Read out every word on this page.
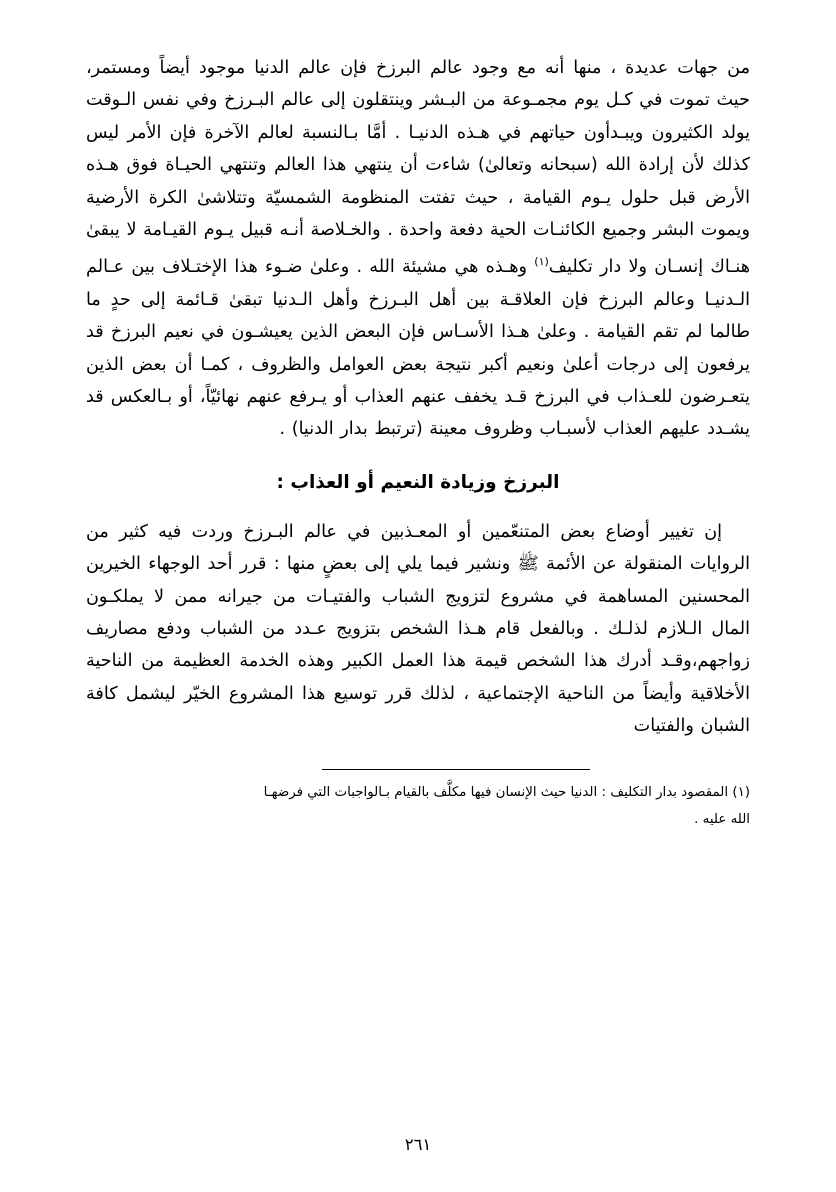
من جهات عديدة ، منها أنه مع وجود عالم البرزخ فإن عالم الدنيا موجود أيضاً ومستمر، حيث تموت في كـل يوم مجمـوعة من البـشر وينتقلون إلى عالم البـرزخ وفي نفس الـوقت يولد الكثيرون ويبـدأون حياتهم في هـذه الدنيـا . أمَّا بـالنسبة لعالم الآخرة فإن الأمر ليس كذلك لأن إرادة الله (سبحانه وتعالىٰ) شاءت أن ينتهي هذا العالم وتنتهي الحيـاة فوق هـذه الأرض قبل حلول يـوم القيامة ، حيث تفتت المنظومة الشمسيّة وتتلاشىٰ الكرة الأرضية ويموت البشر وجميع الكائنـات الحية دفعة واحدة . والخـلاصة أنـه قبيل يـوم القيـامة لا يبقىٰ هنـاك إنسـان ولا دار تكليف$^{(١)}$ وهـذه هي مشيئة الله . وعلىٰ ضـوء هذا الإختـلاف بين عـالم الـدنيـا وعالم البرزخ فإن العلاقـة بين أهل البـرزخ وأهل الـدنيا تبقىٰ قـائمة إلى حدٍ ما طالما لم تقم القيامة . وعلىٰ هـذا الأسـاس فإن البعض الذين يعيشـون في نعيم البرزخ قد يرفعون إلى درجات أعلىٰ ونعيم أكبر نتيجة بعض العوامل والظروف ، كمـا أن بعض الذين يتعـرضون للعـذاب في البرزخ قـد يخفف عنهم العذاب أو يـرفع عنهم نهائيّاً، أو بـالعكس قد يشـدد عليهم العذاب لأسبـاب وظروف معينة (ترتبط بدار الدنيا) .

البرزخ وزيادة النعيم أو العذاب :

إن تغيير أوضاع بعض المتنعّمين أو المعـذبين في عالم البـرزخ وردت فيه كثير من الروايات المنقولة عن الأئمة ‏ﷺ ونشير فيما يلي إلى بعضٍ منها : قرر أحد الوجهاء الخيرين المحسنين المساهمة في مشروع لتزويج الشباب والفتيـات من جيرانه ممن لا يملكـون المال الـلازم لذلـك . وبالفعل قام هـذا الشخص بتزويج عـدد من الشباب ودفع مصاريف زواجهم،وقـد أدرك هذا الشخص قيمة هذا العمل الكبير وهذه الخدمة العظيمة من الناحية الأخلاقية وأيضاً من الناحية الإجتماعية ، لذلك قرر توسيع هذا المشروع الخيّر ليشمل كافة الشبان والفتيات

(١) المقصود بدار التكليف : الدنيا حيث الإنسان فيها مكلَّف بالقيام بـالواجبات التي فرضهـا

الله عليه .
٢٦١
